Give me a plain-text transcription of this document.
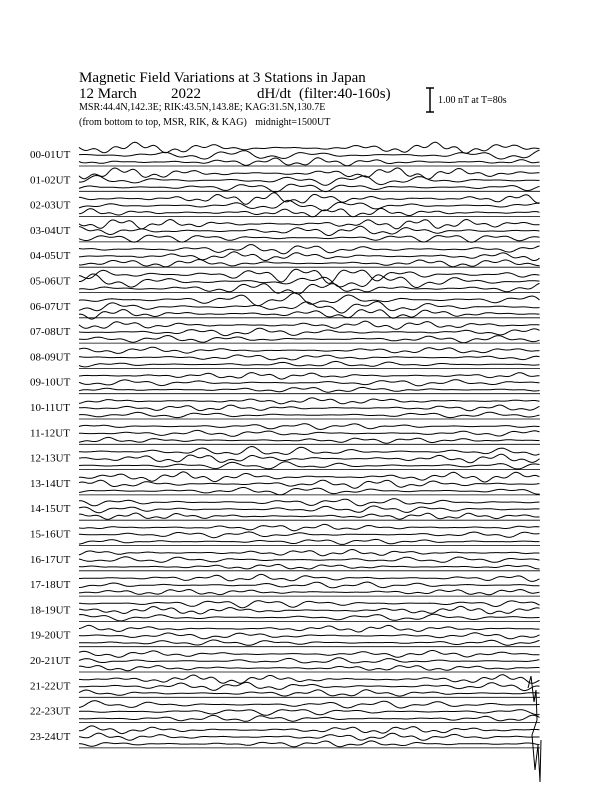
00-01UT
01-02UT
02-03UT
03-04UT
04-05UT
05-06UT
06-07UT
07-08UT
08-09UT
09-10UT
10-11UT
11-12UT
12-13UT
13-14UT
14-15UT
15-16UT
16-17UT
17-18UT
18-19UT
19-20UT
20-21UT
21-22UT
22-23UT
23-24UT
Magnetic Field Variations at 3 Stations in Japan
12 March 2022	dH/dt (filter:40-160s)
MSR:44.4N,142.3E; RIK:43.5N,143.8E; KAG:31.5N,130.7E
(from bottom to top, MSR, RIK, & KAG) midnight=1500UT
1.00 nT at T=80s
